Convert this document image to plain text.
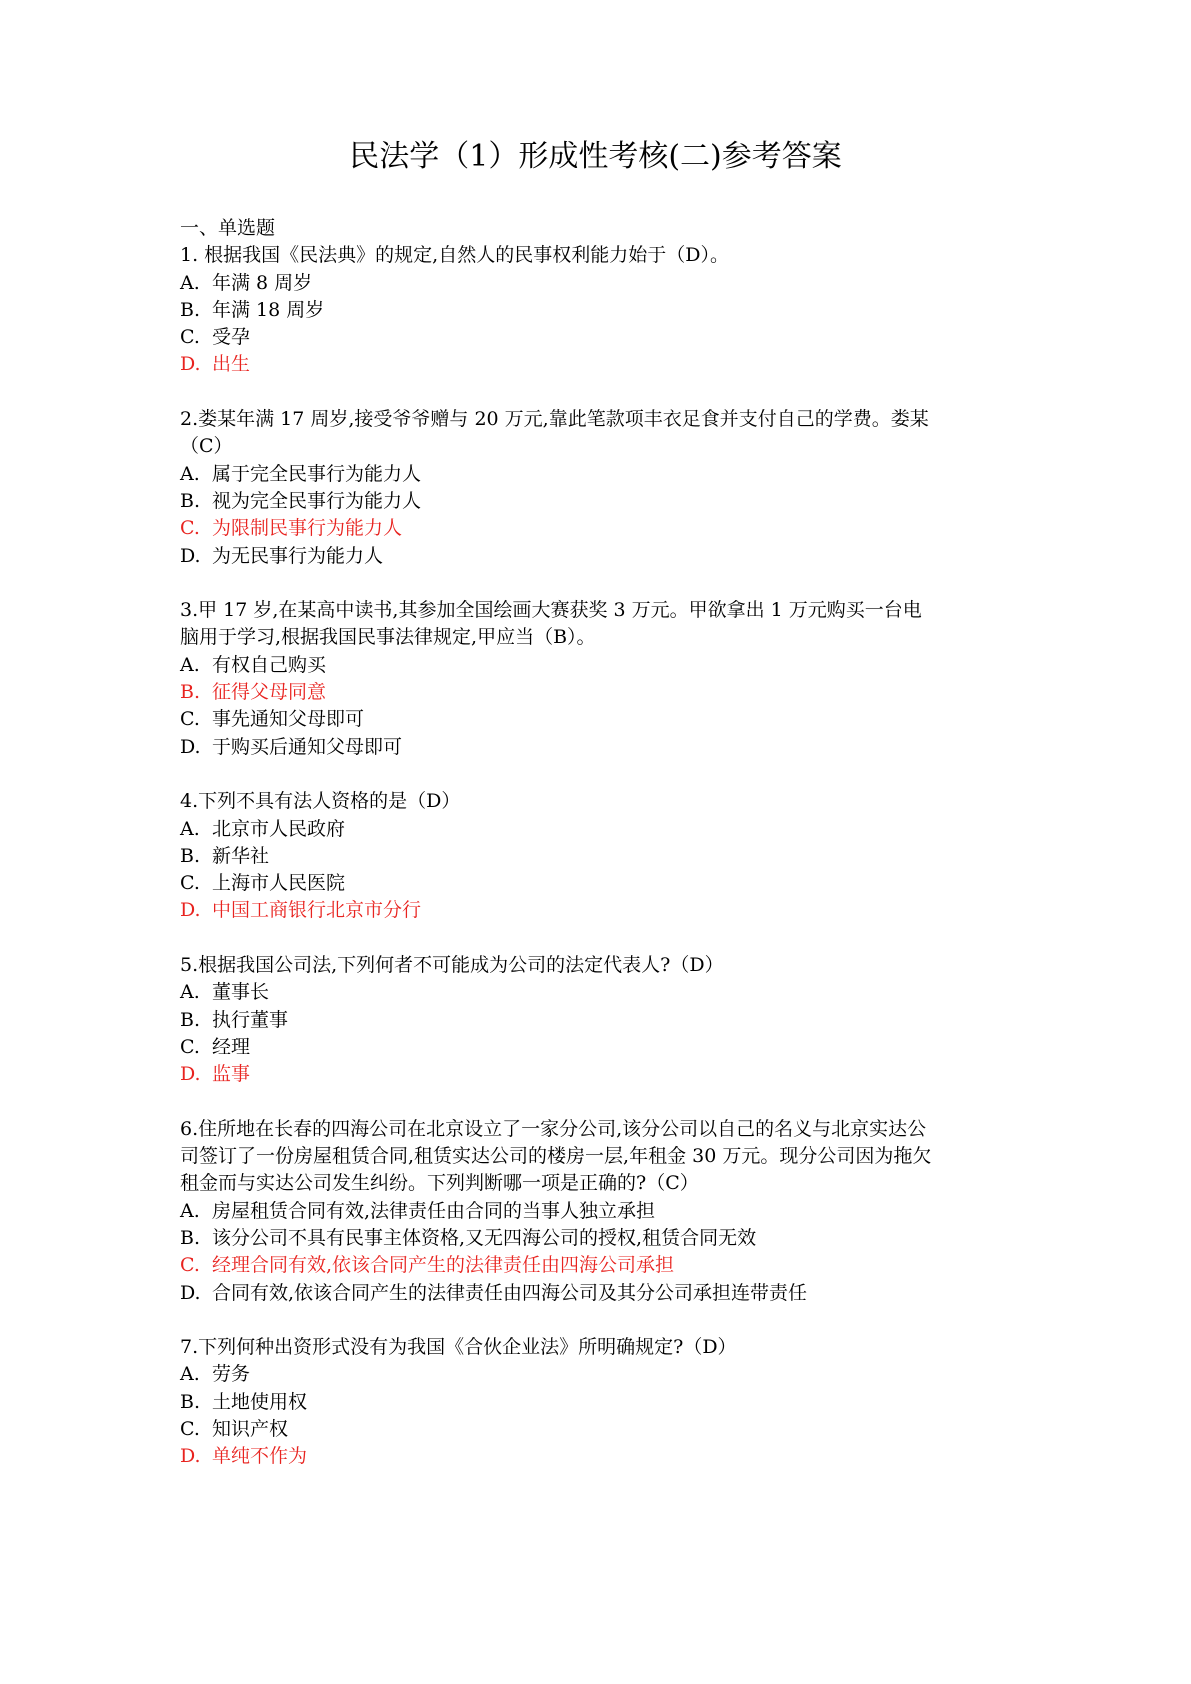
民法学（1）形成性考核(二)参考答案
一、单选题
1. 根据我国《民法典》的规定,自然人的民事权利能力始于（D）。
A. 年满 8 周岁
B. 年满 18 周岁
C. 受孕
D. 出生
2.娄某年满 17 周岁,接受爷爷赠与 20 万元,靠此笔款项丰衣足食并支付自己的学费。娄某
（C）
A. 属于完全民事行为能力人
B. 视为完全民事行为能力人
C. 为限制民事行为能力人
D. 为无民事行为能力人
3.甲 17 岁,在某高中读书,其参加全国绘画大赛获奖 3 万元。甲欲拿出 1 万元购买一台电
脑用于学习,根据我国民事法律规定,甲应当（B）。
A. 有权自己购买
B. 征得父母同意
C. 事先通知父母即可
D. 于购买后通知父母即可
4.下列不具有法人资格的是（D）
A. 北京市人民政府
B. 新华社
C. 上海市人民医院
D. 中国工商银行北京市分行
5.根据我国公司法,下列何者不可能成为公司的法定代表人?（D）
A. 董事长
B. 执行董事
C. 经理
D. 监事
6.住所地在长春的四海公司在北京设立了一家分公司,该分公司以自己的名义与北京实达公
司签订了一份房屋租赁合同,租赁实达公司的楼房一层,年租金 30 万元。现分公司因为拖欠
租金而与实达公司发生纠纷。下列判断哪一项是正确的?（C）
A. 房屋租赁合同有效,法律责任由合同的当事人独立承担
B. 该分公司不具有民事主体资格,又无四海公司的授权,租赁合同无效
C. 经理合同有效,依该合同产生的法律责任由四海公司承担
D. 合同有效,依该合同产生的法律责任由四海公司及其分公司承担连带责任
7.下列何种出资形式没有为我国《合伙企业法》所明确规定?（D）
A. 劳务
B. 土地使用权
C. 知识产权
D. 单纯不作为
